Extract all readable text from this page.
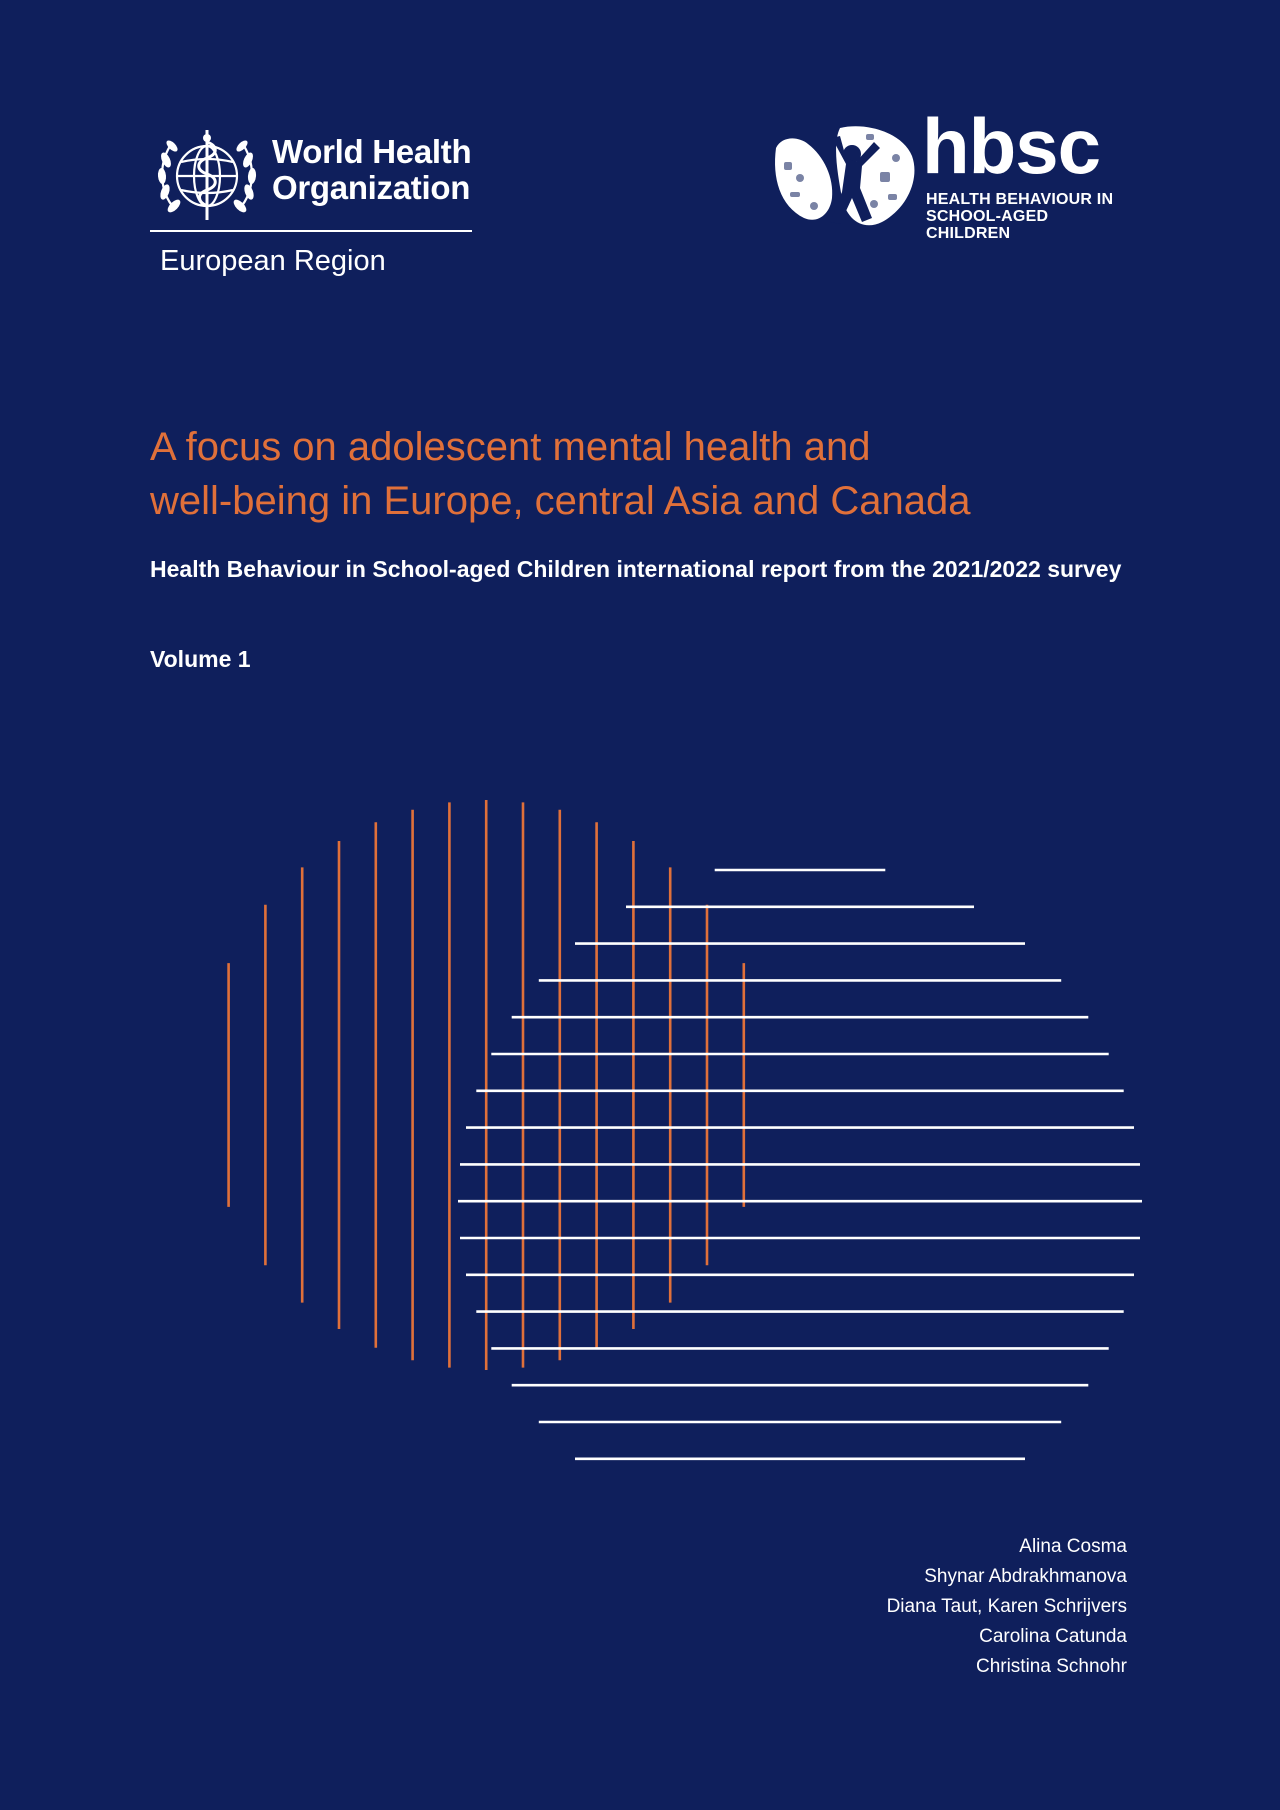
World Health
Organization
European Region
hbsc
HEALTH BEHAVIOUR IN
SCHOOL-AGED CHILDREN
A focus on adolescent mental health and
well-being in Europe, central Asia and Canada

Health Behaviour in School-aged Children international report from the 2021/2022 survey

Volume 1
Alina Cosma
Shynar Abdrakhmanova
Diana Taut, Karen Schrijvers
Carolina Catunda
Christina Schnohr
